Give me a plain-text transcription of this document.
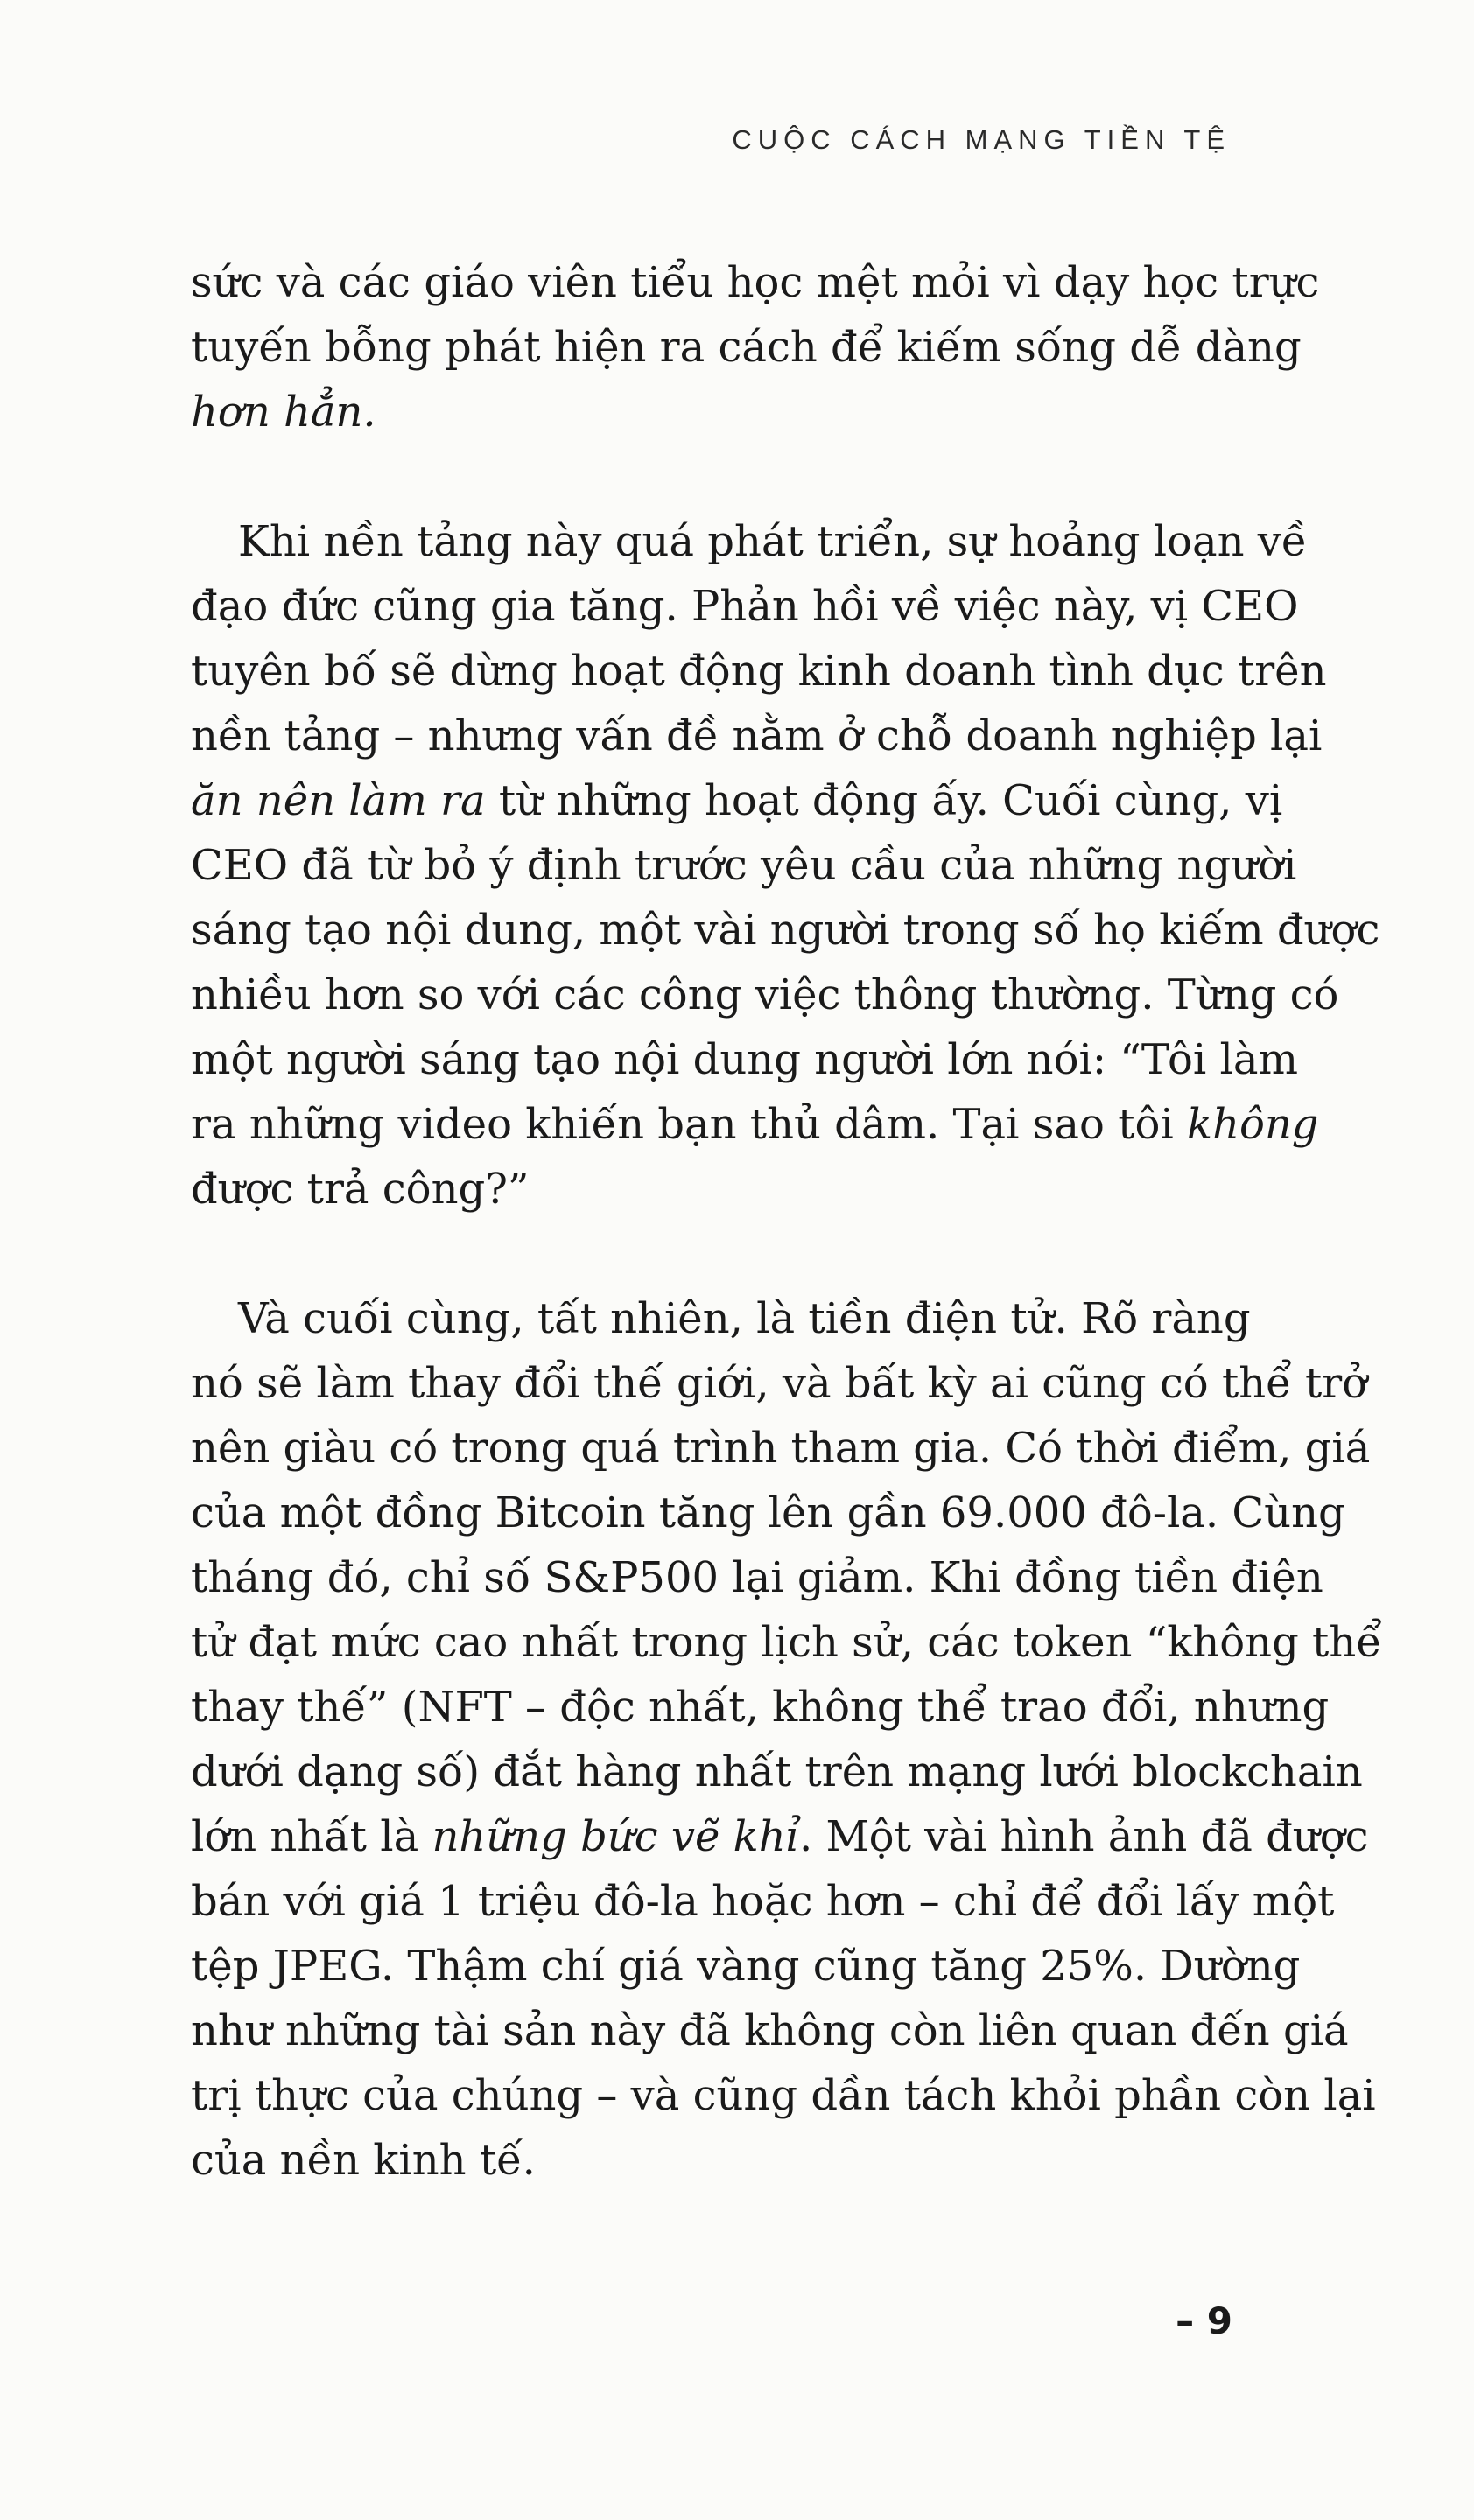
CUỘC CÁCH MẠNG TIỀN TỆ
sức và các giáo viên tiểu học mệt mỏi vì dạy học trực
tuyến bỗng phát hiện ra cách để kiếm sống dễ dàng
hơn hẳn.
Khi nền tảng này quá phát triển, sự hoảng loạn về
đạo đức cũng gia tăng. Phản hồi về việc này, vị CEO
tuyên bố sẽ dừng hoạt động kinh doanh tình dục trên
nền tảng – nhưng vấn đề nằm ở chỗ doanh nghiệp lại
ăn nên làm ra từ những hoạt động ấy. Cuối cùng, vị
CEO đã từ bỏ ý định trước yêu cầu của những người
sáng tạo nội dung, một vài người trong số họ kiếm được
nhiều hơn so với các công việc thông thường. Từng có
một người sáng tạo nội dung người lớn nói: “Tôi làm
ra những video khiến bạn thủ dâm. Tại sao tôi không
được trả công?”
Và cuối cùng, tất nhiên, là tiền điện tử. Rõ ràng
nó sẽ làm thay đổi thế giới, và bất kỳ ai cũng có thể trở
nên giàu có trong quá trình tham gia. Có thời điểm, giá
của một đồng Bitcoin tăng lên gần 69.000 đô-la. Cùng
tháng đó, chỉ số S&P500 lại giảm. Khi đồng tiền điện
tử đạt mức cao nhất trong lịch sử, các token “không thể
thay thế” (NFT – độc nhất, không thể trao đổi, nhưng
dưới dạng số) đắt hàng nhất trên mạng lưới blockchain
lớn nhất là những bức vẽ khỉ. Một vài hình ảnh đã được
bán với giá 1 triệu đô-la hoặc hơn – chỉ để đổi lấy một
tệp JPEG. Thậm chí giá vàng cũng tăng 25%. Dường
như những tài sản này đã không còn liên quan đến giá
trị thực của chúng – và cũng dần tách khỏi phần còn lại
của nền kinh tế.
– 9
